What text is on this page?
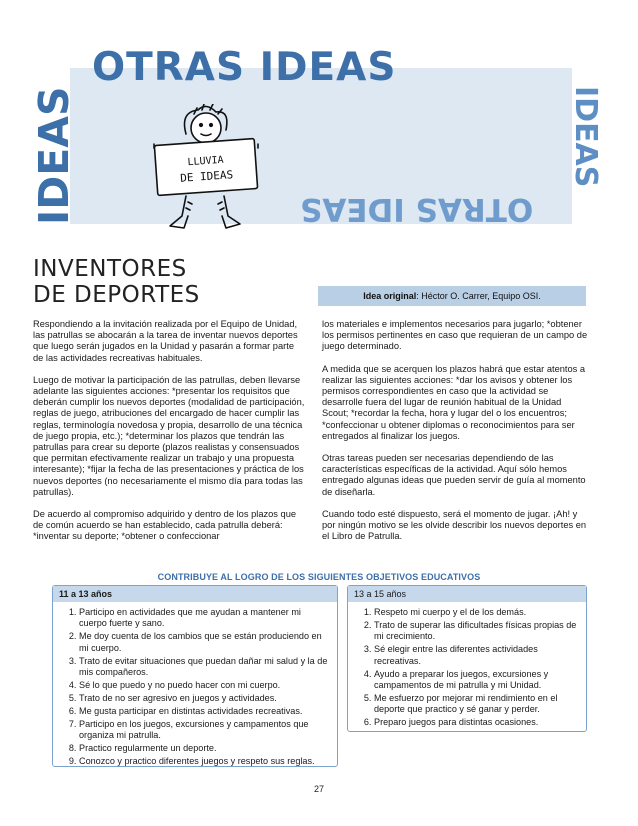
OTRAS IDEAS
IDEAS	IDEAS
OTRAS IDEAS
LLUVIA
DE IDEAS
INVENTORES
DE DEPORTES	Idea original: Héctor O. Carrer, Equipo OSI.

Respondiendo a la invitación realizada por el Equipo de Unidad, las patrullas se abocarán a la tarea de inventar nuevos deportes que luego serán jugados en la Unidad y pasarán a formar parte de las actividades recreativas habituales.

Luego de motivar la participación de las patrullas, deben llevarse adelante las siguientes acciones: *presentar los requisitos que deberán cumplir los nuevos deportes (modalidad de participación, reglas de juego, atribuciones del encargado de hacer cumplir las reglas, terminología novedosa y propia, desarrollo de una técnica de juego propia, etc.); *determinar los plazos que tendrán las patrullas para crear su deporte (plazos realistas y consensuados que permitan efectivamente realizar un trabajo y una propuesta interesante); *fijar la fecha de las presentaciones y práctica de los nuevos deportes (no necesariamente el mismo día para todas las patrullas).

De acuerdo al compromiso adquirido y dentro de los plazos que de común acuerdo se han establecido, cada patrulla deberá: *inventar su deporte; *obtener o confeccionar

los materiales e implementos necesarios para jugarlo; *obtener los permisos pertinentes en caso que requieran de un campo de juego determinado.

A medida que se acerquen los plazos habrá que estar atentos a realizar las siguientes acciones: *dar los avisos y obtener los permisos correspondientes en caso que la actividad se desarrolle fuera del lugar de reunión habitual de la Unidad Scout; *recordar la fecha, hora y lugar del o los encuentros; *confeccionar u obtener diplomas o reconocimientos para ser entregados al finalizar los juegos.

Otras tareas pueden ser necesarias dependiendo de las características específicas de la actividad. Aquí sólo hemos entregado algunas ideas que pueden servir de guía al momento de diseñarla.

Cuando todo esté dispuesto, será el momento de jugar. ¡Ah! y por ningún motivo se les olvide describir los nuevos deportes en el Libro de Patrulla.

CONTRIBUYE AL LOGRO DE LOS SIGUIENTES OBJETIVOS EDUCATIVOS
11 a 13 años
1. Participo en actividades que me ayudan a mantener mi cuerpo fuerte y sano.
2. Me doy cuenta de los cambios que se están produciendo en mi cuerpo.
3. Trato de evitar situaciones que puedan dañar mi salud y la de mis compañeros.
4. Sé lo que puedo y no puedo hacer con mi cuerpo.
5. Trato de no ser agresivo en juegos y actividades.
6. Me gusta participar en distintas actividades recreativas.
7. Participo en los juegos, excursiones y campamentos que organiza mi patrulla.
8. Practico regularmente un deporte.
9. Conozco y practico diferentes juegos y respeto sus reglas.
13 a 15 años
1. Respeto mi cuerpo y el de los demás.
2. Trato de superar las dificultades físicas propias de mi crecimiento.
3. Sé elegir entre las diferentes actividades recreativas.
4. Ayudo a preparar los juegos, excursiones y campamentos de mi patrulla y mi Unidad.
5. Me esfuerzo por mejorar mi rendimiento en el deporte que practico y sé ganar y perder.
6. Preparo juegos para distintas ocasiones.
27
